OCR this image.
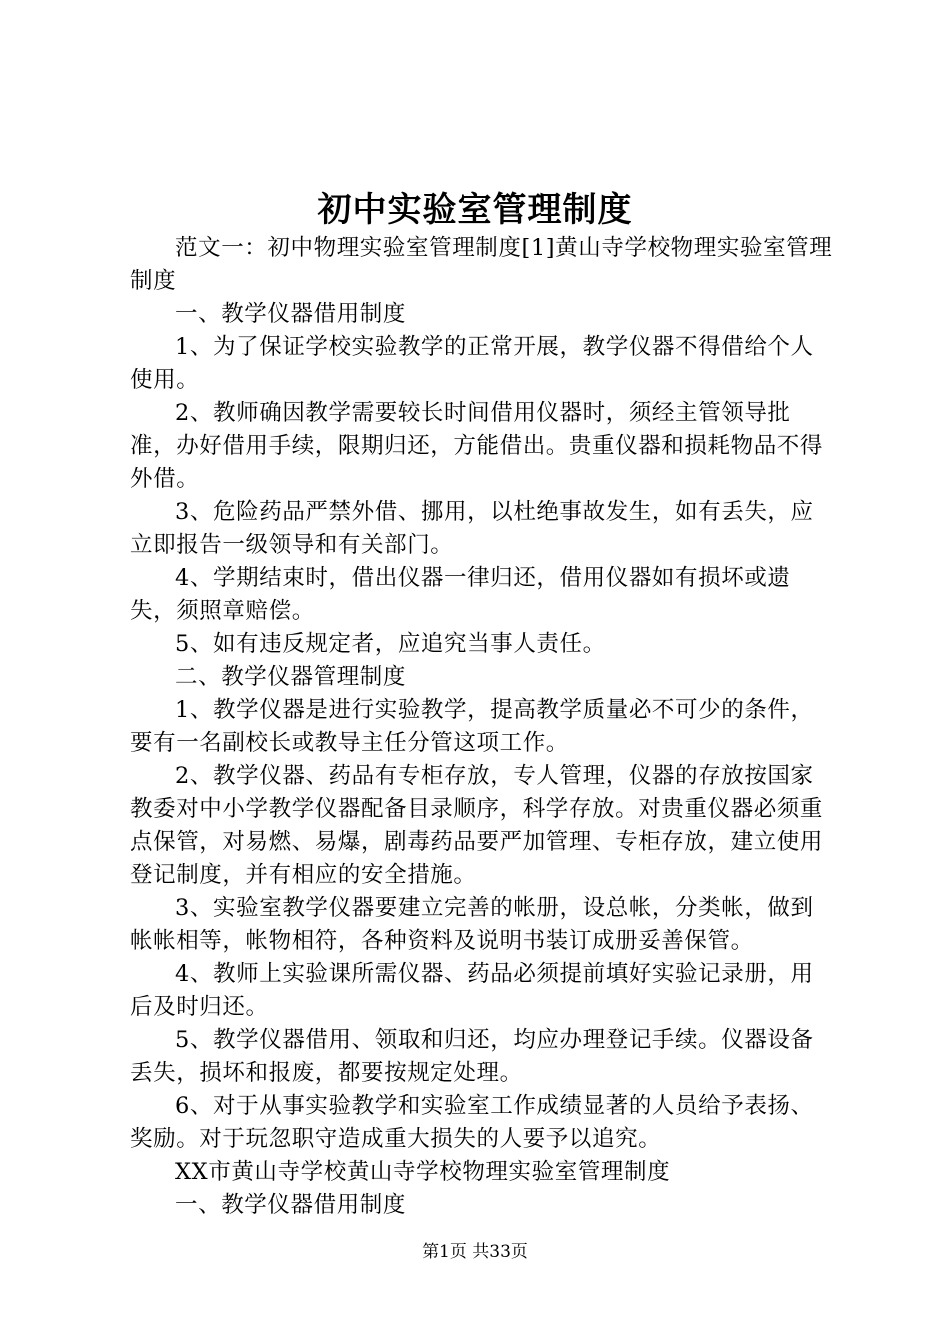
初中实验室管理制度

范文一：初中物理实验室管理制度[1]黄山寺学校物理实验室管理制度

一、教学仪器借用制度

1、为了保证学校实验教学的正常开展，教学仪器不得借给个人使用。

2、教师确因教学需要较长时间借用仪器时，须经主管领导批准，办好借用手续，限期归还，方能借出。贵重仪器和损耗物品不得外借。

3、危险药品严禁外借、挪用，以杜绝事故发生，如有丢失，应立即报告一级领导和有关部门。

4、学期结束时，借出仪器一律归还，借用仪器如有损坏或遗失，须照章赔偿。

5、如有违反规定者，应追究当事人责任。

二、教学仪器管理制度

1、教学仪器是进行实验教学，提高教学质量必不可少的条件，要有一名副校长或教导主任分管这项工作。

2、教学仪器、药品有专柜存放，专人管理，仪器的存放按国家教委对中小学教学仪器配备目录顺序，科学存放。对贵重仪器必须重点保管，对易燃、易爆，剧毒药品要严加管理、专柜存放，建立使用登记制度，并有相应的安全措施。

3、实验室教学仪器要建立完善的帐册，设总帐，分类帐，做到帐帐相等，帐物相符，各种资料及说明书装订成册妥善保管。

4、教师上实验课所需仪器、药品必须提前填好实验记录册，用后及时归还。

5、教学仪器借用、领取和归还，均应办理登记手续。仪器设备丢失，损坏和报废，都要按规定处理。

6、对于从事实验教学和实验室工作成绩显著的人员给予表扬、奖励。对于玩忽职守造成重大损失的人要予以追究。

XX市黄山寺学校黄山寺学校物理实验室管理制度

一、教学仪器借用制度

第1页 共33页
